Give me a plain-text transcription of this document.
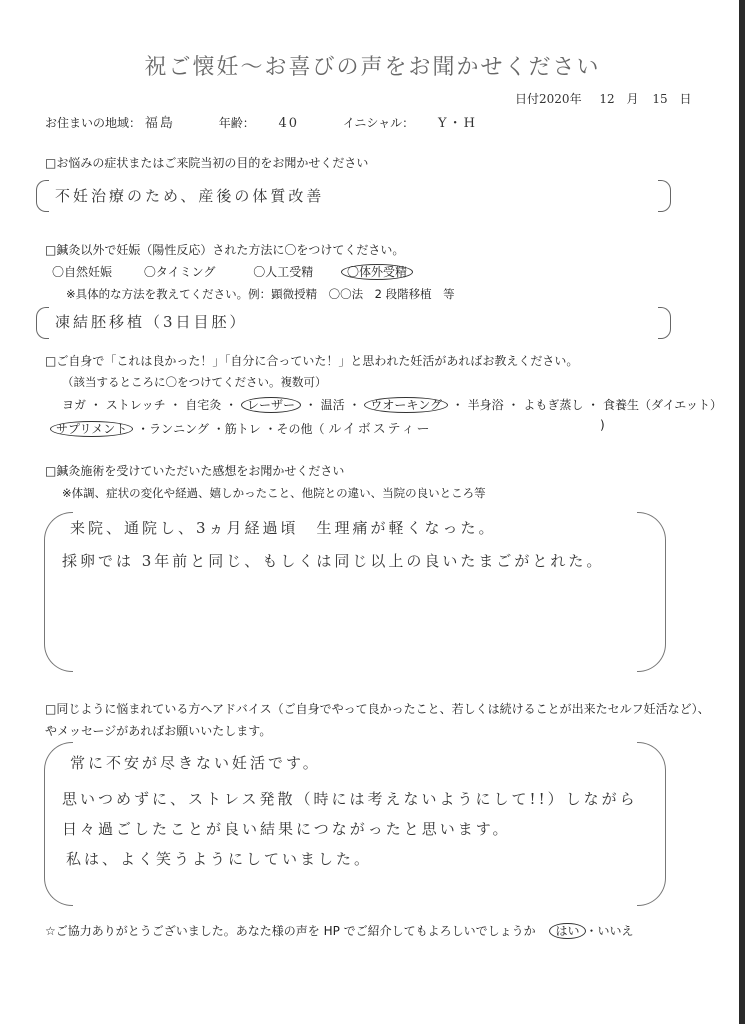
祝ご懐妊～お喜びの声をお聞かせください
日付2020年 12 月 15 日
お住まいの地域： 福島	年齢： 40	イニシャル： Y・H
□お悩みの症状またはご来院当初の目的をお聞かせください
不妊治療のため、産後の体質改善
□鍼灸以外で妊娠（陽性反応）された方法に〇をつけてください。
〇自然妊娠	〇タイミング	〇人工受精	〇体外受精
※具体的な方法を教えてください。例：顕微授精　〇〇法　2 段階移植　等
凍結胚移植（3日目胚）
□ご自身で「これは良かった！」「自分に合っていた！」と思われた妊活があればお教えください。
（該当するところに〇をつけてください。複数可）
ヨガ ・ ストレッチ ・ 自宅灸 ・ レーザー ・ 温活 ・ ウオーキング ・ 半身浴 ・ よもぎ蒸し ・ 食養生（ダイエット）
サプリメント ・ランニング ・筋トレ ・その他（ ルイボスティー	)
□鍼灸施術を受けていただいた感想をお聞かせください
※体調、症状の変化や経過、嬉しかったこと、他院との違い、当院の良いところ等
来院、通院し、3ヵ月経過頃　生理痛が軽くなった。
採卵では 3年前と同じ、もしくは同じ以上の良いたまごがとれた。
□同じように悩まれている方へアドバイス（ご自身でやって良かったこと、若しくは続けることが出来たセルフ妊活など）、
やメッセージがあればお願いいたします。
常に不安が尽きない妊活です。
思いつめずに、ストレス発散（時には考えないようにして!!）しながら
日々過ごしたことが良い結果につながったと思います。
私は、よく笑うようにしていました。
☆ご協力ありがとうございました。あなた様の声を HP でご紹介してもよろしいでしょうか はい ・いいえ
